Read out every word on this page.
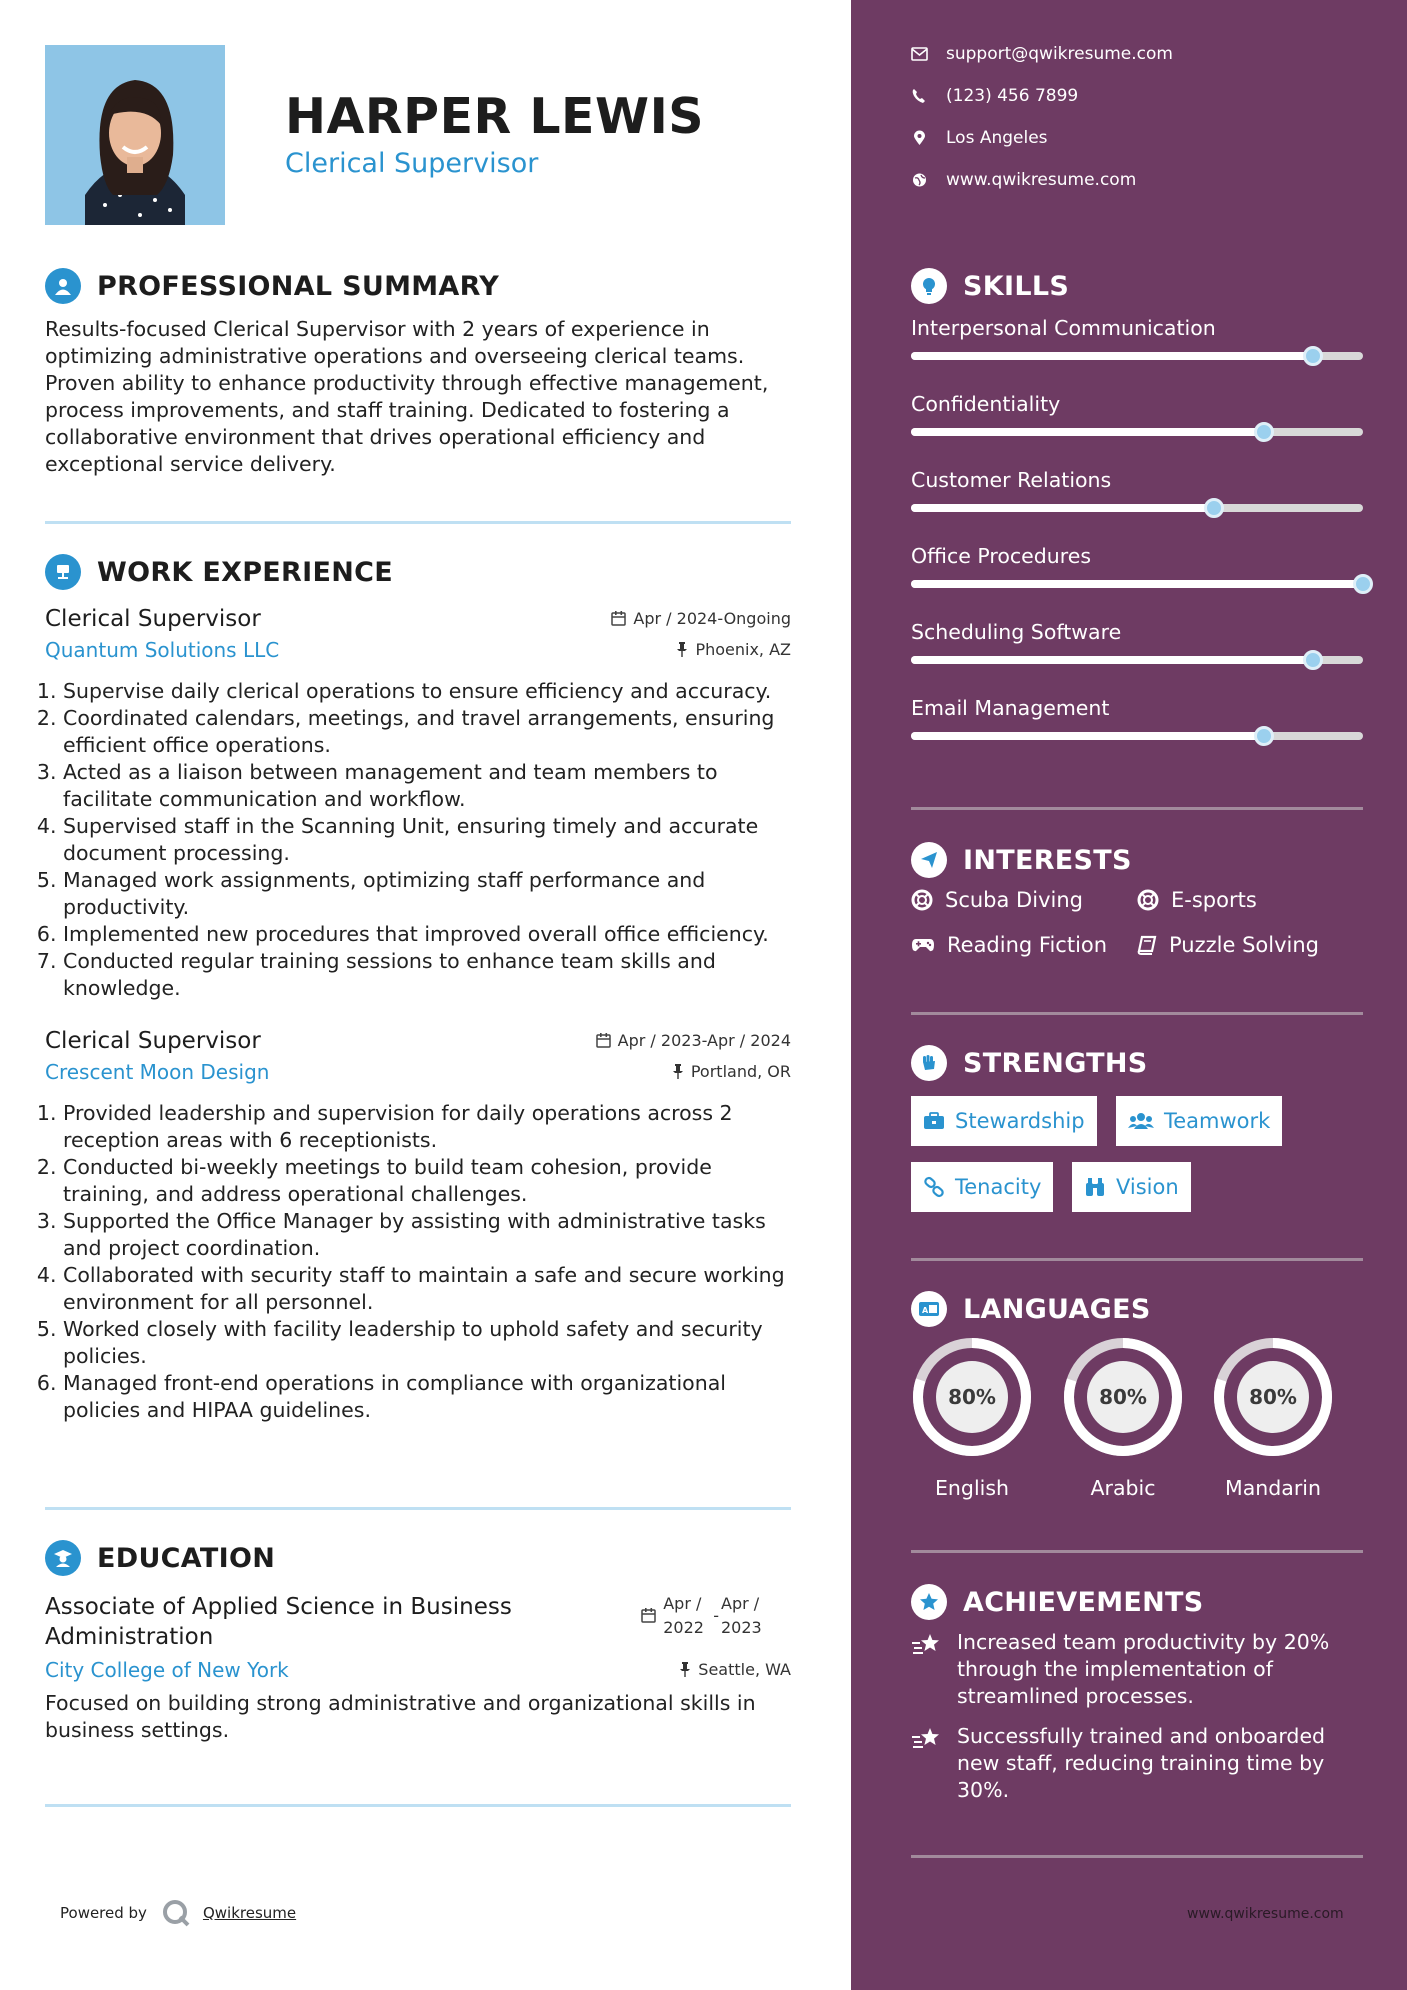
HARPER LEWIS
Clerical Supervisor
PROFESSIONAL SUMMARY
Results-focused Clerical Supervisor with 2 years of experience in optimizing administrative operations and overseeing clerical teams. Proven ability to enhance productivity through effective management, process improvements, and staff training. Dedicated to fostering a collaborative environment that drives operational efficiency and exceptional service delivery.
WORK EXPERIENCE
Clerical Supervisor	Apr / 2024-Ongoing
Quantum Solutions LLC	Phoenix, AZ
1. Supervise daily clerical operations to ensure efficiency and accuracy.
2. Coordinated calendars, meetings, and travel arrangements, ensuring efficient office operations.
3. Acted as a liaison between management and team members to facilitate communication and workflow.
4. Supervised staff in the Scanning Unit, ensuring timely and accurate document processing.
5. Managed work assignments, optimizing staff performance and productivity.
6. Implemented new procedures that improved overall office efficiency.
7. Conducted regular training sessions to enhance team skills and knowledge.
Clerical Supervisor	Apr / 2023-Apr / 2024
Crescent Moon Design	Portland, OR
1. Provided leadership and supervision for daily operations across 2 reception areas with 6 receptionists.
2. Conducted bi-weekly meetings to build team cohesion, provide training, and address operational challenges.
3. Supported the Office Manager by assisting with administrative tasks and project coordination.
4. Collaborated with security staff to maintain a safe and secure working environment for all personnel.
5. Worked closely with facility leadership to uphold safety and security policies.
6. Managed front-end operations in compliance with organizational policies and HIPAA guidelines.
EDUCATION
Associate of Applied Science in Business Administration
Apr / 2022
-
Apr / 2023
City College of New York	Seattle, WA
Focused on building strong administrative and organizational skills in business settings.
Powered by	Qwikresume
support@qwikresume.com
(123) 456 7899
Los Angeles
www.qwikresume.com
SKILLS
Interpersonal Communication
Confidentiality
Customer Relations
Office Procedures
Scheduling Software
Email Management
INTERESTS
Scuba Diving	E-sports
Reading Fiction	Puzzle Solving
STRENGTHS
Stewardship	Teamwork
Tenacity	Vision
A LANGUAGES
80%
English
80%
Arabic
80%
Mandarin
ACHIEVEMENTS
Increased team productivity by 20% through the implementation of streamlined processes.
Successfully trained and onboarded new staff, reducing training time by 30%.
www.qwikresume.com
